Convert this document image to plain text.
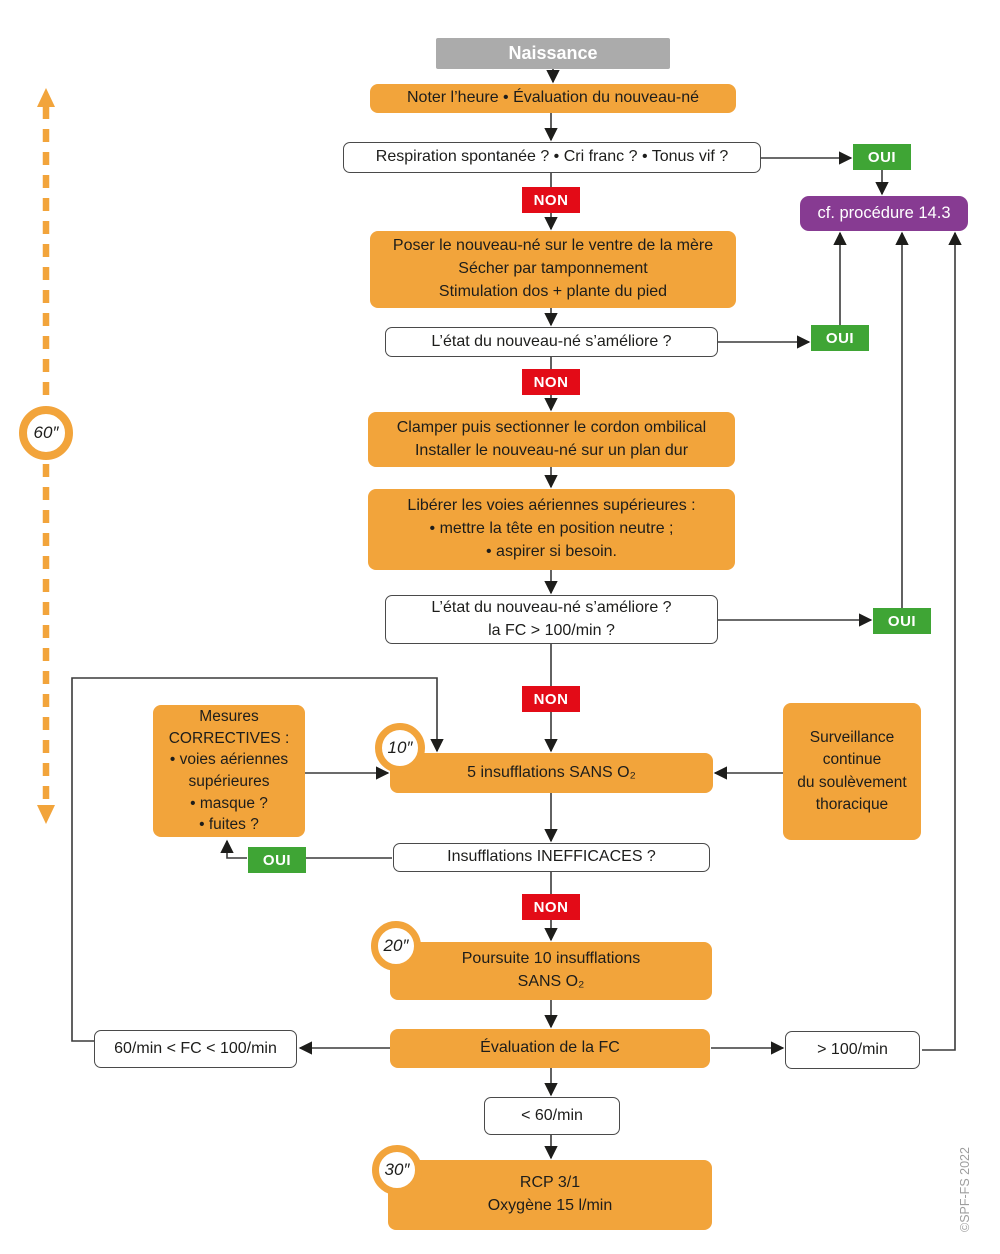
Naissance
Noter l’heure • Évaluation du nouveau-né
Respiration spontanée ? • Cri franc ? • Tonus vif ?	OUI
cf. procédure 14.3
NON
Poser le nouveau-né sur le ventre de la mère
Sécher par tamponnement
Stimulation dos + plante du pied
L’état du nouveau-né s’améliore ?	OUI
NON
Clamper puis sectionner le cordon ombilical
Installer le nouveau-né sur un plan dur
Libérer les voies aériennes supérieures :
• mettre la tête en position neutre ;
• aspirer si besoin.
L’état du nouveau-né s’améliore ?
la FC > 100/min ?
OUI
NON
Mesures
CORRECTIVES :
• voies aériennes
supérieures
• masque ?
• fuites ?
5 insufflations SANS O₂
Surveillance
continue
du soulèvement
thoracique
Insufflations INEFFICACES ?
OUI
NON
Poursuite 10 insufflations
SANS O₂
Évaluation de la FC
60/min < FC < 100/min	> 100/min
< 60/min
RCP 3/1
Oxygène 15 l/min
60″
10″
20″
30″	©SPF-FS 2022
